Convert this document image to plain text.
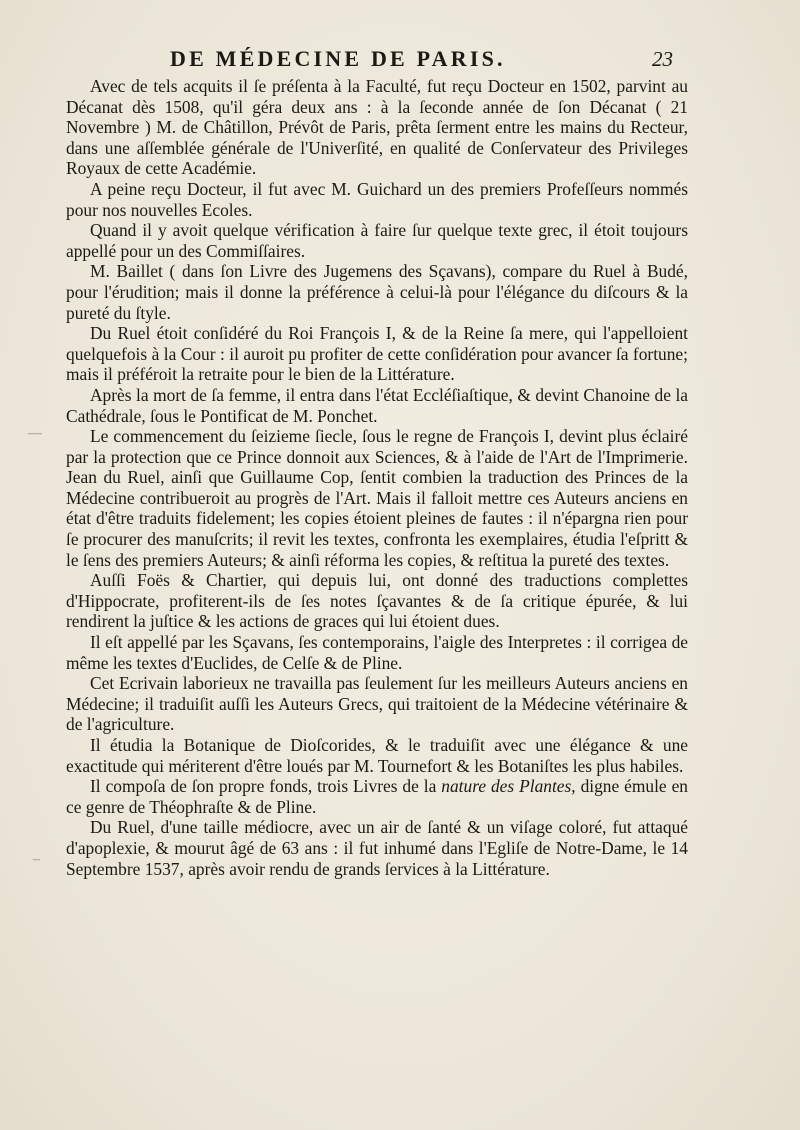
DE MÉDECINE DE PARIS.	23
—
–

Avec de tels acquits il ſe préſenta à la Faculté, fut reçu Docteur en 1502, parvint au Décanat dès 1508, qu'il géra deux ans : à la ſeconde année de ſon Décanat ( 21 Novembre ) M. de Châtillon, Prévôt de Paris, prêta ſerment entre les mains du Recteur, dans une aſſemblée générale de l'Univerſité, en qualité de Conſervateur des Privileges Royaux de cette Académie.

A peine reçu Docteur, il fut avec M. Guichard un des premiers Profeſſeurs nommés pour nos nouvelles Ecoles.

Quand il y avoit quelque vérification à faire ſur quelque texte grec, il étoit toujours appellé pour un des Commiſſaires.

M. Baillet ( dans ſon Livre des Jugemens des Sçavans), compare du Ruel à Budé, pour l'érudition; mais il donne la préférence à celui-là pour l'élégance du diſcours & la pureté du ſtyle.

Du Ruel étoit conſidéré du Roi François I, & de la Reine ſa mere, qui l'appelloient quelquefois à la Cour : il auroit pu profiter de cette conſidération pour avancer ſa fortune; mais il préféroit la retraite pour le bien de la Littérature.

Après la mort de ſa femme, il entra dans l'état Eccléſiaſtique, & devint Chanoine de la Cathédrale, ſous le Pontificat de M. Ponchet.

Le commencement du ſeizieme ſiecle, ſous le regne de François I, devint plus éclairé par la protection que ce Prince donnoit aux Sciences, & à l'aide de l'Art de l'Imprimerie. Jean du Ruel, ainſi que Guillaume Cop, ſentit combien la traduction des Princes de la Médecine contribueroit au progrès de l'Art. Mais il falloit mettre ces Auteurs anciens en état d'être traduits fidelement; les copies étoient pleines de fautes : il n'épargna rien pour ſe procurer des manuſcrits; il revit les textes, confronta les exemplaires, étudia l'eſpritt & le ſens des premiers Auteurs; & ainſi réforma les copies, & reſtitua la pureté des textes.

Auſſi Foës & Chartier, qui depuis lui, ont donné des traductions complettes d'Hippocrate, profiterent-ils de ſes notes ſçavantes & de ſa critique épurée, & lui rendirent la juſtice & les actions de graces qui lui étoient dues.

Il eſt appellé par les Sçavans, ſes contemporains, l'aigle des Interpretes : il corrigea de même les textes d'Euclides, de Celſe & de Pline.

Cet Ecrivain laborieux ne travailla pas ſeulement ſur les meilleurs Auteurs anciens en Médecine; il traduiſit auſſi les Auteurs Grecs, qui traitoient de la Médecine vétérinaire & de l'agriculture.

Il étudia la Botanique de Dioſcorides, & le traduiſit avec une élégance & une exactitude qui mériterent d'être loués par M. Tournefort & les Botaniſtes les plus habiles.

Il compoſa de ſon propre fonds, trois Livres de la nature des Plantes, digne émule en ce genre de Théophraſte & de Pline.

Du Ruel, d'une taille médiocre, avec un air de ſanté & un viſage coloré, fut attaqué d'apoplexie, & mourut âgé de 63 ans : il fut inhumé dans l'Egliſe de Notre-Dame, le 14 Septembre 1537, après avoir rendu de grands ſervices à la Littérature.
